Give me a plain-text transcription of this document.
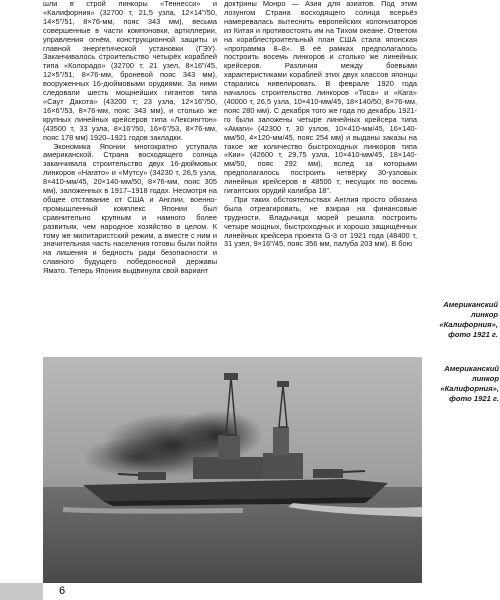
шли в строй линкоры «Теннесси» и «Калифорния» (32700 т, 21,5 узла, 12×14"/50, 14×5"/51, 8×76-мм, пояс 343 мм), весьма совершенные в части компоновки, артиллерии, управления огнём, конструкционной защиты и главной энергетической установки (ГЭУ). Заканчивалось строительство четырёх кораблей типа «Колорадо» (32700 т, 21 узел, 8×16"/45, 12×5"/51, 8×76-мм, броневой пояс 343 мм), вооруженных 16-дюймовыми орудиями. За ними следовали шесть мощнейших гигантов типа «Саут Дакота» (43200 т; 23 узла, 12×16"/50, 16×6"/53, 8×76-мм, пояс 343 мм), и столько же крупных линейных крейсеров типа «Лексингтон» (43500 т, 33 узла, 8×16"/50, 16×6"/53, 8×76-мм, пояс 178 мм) 1920–1921 годов закладки.

Экономика Японии многократно уступала американской. Страна восходящего солнца заканчивала строительство двух 16-дюймовых линкоров «Нагато» и «Мутсу» (34230 т, 26,5 узла, 8×410-мм/45, 20×140-мм/50, 8×76-мм, пояс 305 мм), заложенных в 1917–1918 годах. Несмотря на общее отставание от США и Англии, военно-промышленный комплекс Японии был сравнительно крупным и намного более развитым, чем народное хозяйство в целом. К тому же милитаристский режим, а вместе с ним и значительная часть населения готовы были пойти на лишения и бедность ради безопасности и славного будущего победоносной державы Ямато. Теперь Япония выдвинула свой вариант

доктрины Монро — Азия для азиатов. Под этим лозунгом Страна восходящего солнца всерьёз намеревалась вытеснить европейских колонизаторов из Китая и противостоять им на Тихом океане. Ответом на кораблестроительный план США стала японская «программа 8–8». В её рамках предполагалось построить восемь линкоров и столько же линейных крейсеров. Различия между боевыми характеристиками кораблей этих двух классов японцы старались нивелировать. В феврале 1920 года началось строительство линкоров «Тоса» и «Кага» (40000 т, 26,5 узла, 10×410-мм/45, 18×140/50, 8×76-мм, пояс 280 мм). С декабря того же года по декабрь 1921-го были заложены четыре линейных крейсера типа «Амаги» (42300 т, 30 узлов, 10×410-мм/45, 16×140-мм/50, 4×120-мм/45, пояс 254 мм) и выданы заказы на такое же количество быстроходных линкоров типа «Кии» (42600 т, 29,75 узла, 10×410-мм/45, 18×140-мм/50, пояс 292 мм), вслед за которыми предполагалось построить четвёрку 30-узловых линейных крейсеров в 48500 т, несущих по восемь гигантских орудий калибра 18".

При таких обстоятельствах Англия просто обязана была отреагировать, не взирая на финансовые трудности. Владычица морей решила построить четыре мощных, быстроходных и хорошо защищённых линейных крейсера проекта G-3 от 1921 года (48400 т, 31 узел, 9×16"/45, пояс 356 мм, палуба 203 мм). В бою

Американский линкор «Калифорния», фото 1921 г.
Американский линкор «Калифорния», фото 1921 г.
6
